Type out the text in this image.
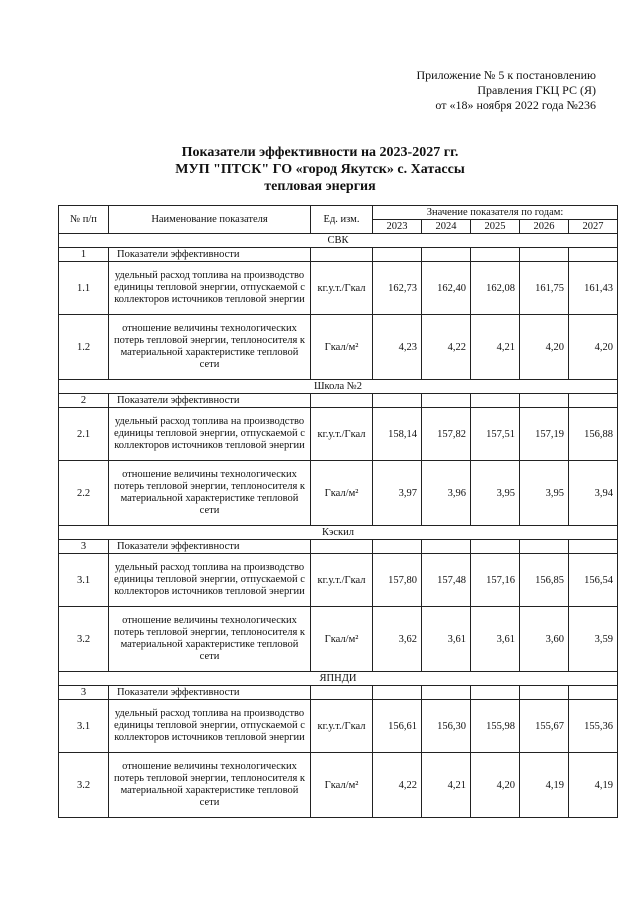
Приложение № 5 к постановлению
Правления ГКЦ РС (Я)
от «18» ноября 2022 года №236
Показатели эффективности на 2023-2027 гг.
МУП "ПТСК" ГО «город Якутск» с. Хатассы
тепловая энергия
№ п/п	Наименование показателя	Ед. изм.	Значение показателя по годам:				
			2023	2024	2025	2026	2027
СВК							
1	Показатели эффективности						
1.1	удельный расход топлива на производство единицы тепловой энергии, отпускаемой с коллекторов источников тепловой энергии	кг.у.т./Гкал	162,73	162,40	162,08	161,75	161,43
1.2	отношение величины технологических потерь тепловой энергии, теплоносителя к материальной характеристике тепловой сети	Гкал/м²	4,23	4,22	4,21	4,20	4,20
Школа №2							
2	Показатели эффективности						
2.1	удельный расход топлива на производство единицы тепловой энергии, отпускаемой с коллекторов источников тепловой энергии	кг.у.т./Гкал	158,14	157,82	157,51	157,19	156,88
2.2	отношение величины технологических потерь тепловой энергии, теплоносителя к материальной характеристике тепловой сети	Гкал/м²	3,97	3,96	3,95	3,95	3,94
Кэскил							
3	Показатели эффективности						
3.1	удельный расход топлива на производство единицы тепловой энергии, отпускаемой с коллекторов источников тепловой энергии	кг.у.т./Гкал	157,80	157,48	157,16	156,85	156,54
3.2	отношение величины технологических потерь тепловой энергии, теплоносителя к материальной характеристике тепловой сети	Гкал/м²	3,62	3,61	3,61	3,60	3,59
ЯПНДИ							
3	Показатели эффективности						
3.1	удельный расход топлива на производство единицы тепловой энергии, отпускаемой с коллекторов источников тепловой энергии	кг.у.т./Гкал	156,61	156,30	155,98	155,67	155,36
3.2	отношение величины технологических потерь тепловой энергии, теплоносителя к материальной характеристике тепловой сети	Гкал/м²	4,22	4,21	4,20	4,19	4,19
